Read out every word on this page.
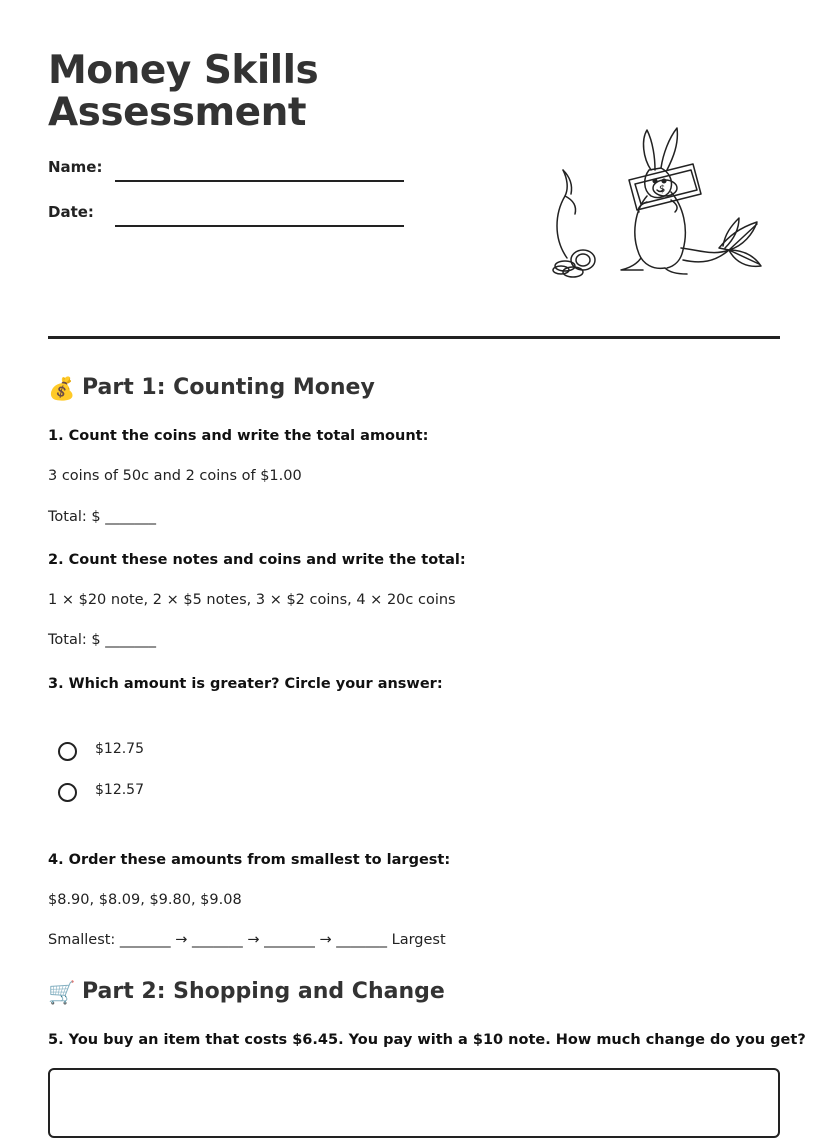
Money Skills Assessment
Name:
Date:
$
💰 Part 1: Counting Money
1. Count the coins and write the total amount:
3 coins of 50c and 2 coins of $1.00
Total: $ _______
2. Count these notes and coins and write the total:
1 × $20 note, 2 × $5 notes, 3 × $2 coins, 4 × 20c coins
Total: $ _______
3. Which amount is greater? Circle your answer:
$12.75
$12.57
4. Order these amounts from smallest to largest:
$8.90, $8.09, $9.80, $9.08
Smallest: _______ → _______ → _______ → _______ Largest
🛒 Part 2: Shopping and Change
5. You buy an item that costs $6.45. You pay with a $10 note. How much change do you get?
